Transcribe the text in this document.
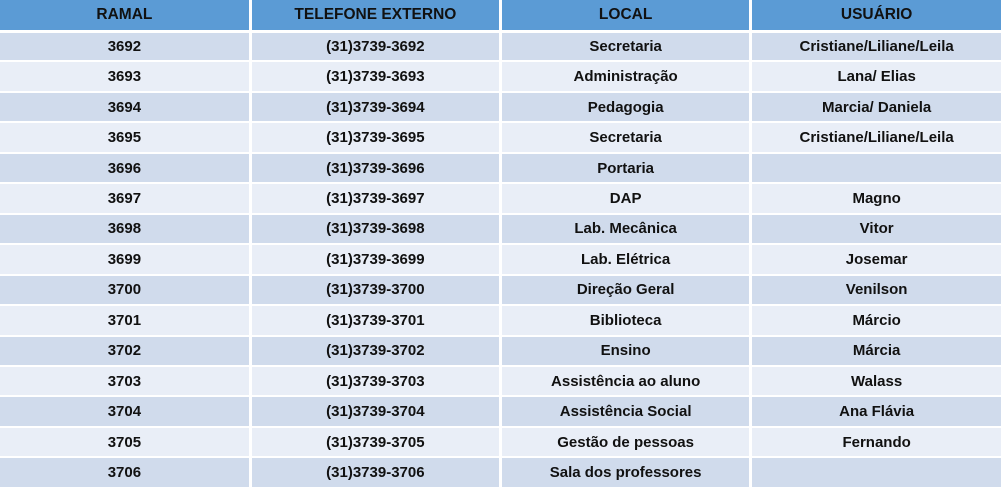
RAMAL	TELEFONE EXTERNO	LOCAL	USUÁRIO
3692	(31)3739-3692	Secretaria	Cristiane/Liliane/Leila
3693	(31)3739-3693	Administração	Lana/ Elias
3694	(31)3739-3694	Pedagogia	Marcia/ Daniela
3695	(31)3739-3695	Secretaria	Cristiane/Liliane/Leila
3696	(31)3739-3696	Portaria	
3697	(31)3739-3697	DAP	Magno
3698	(31)3739-3698	Lab. Mecânica	Vitor
3699	(31)3739-3699	Lab. Elétrica	Josemar
3700	(31)3739-3700	Direção Geral	Venilson
3701	(31)3739-3701	Biblioteca	Márcio
3702	(31)3739-3702	Ensino	Márcia
3703	(31)3739-3703	Assistência ao aluno	Walass
3704	(31)3739-3704	Assistência Social	Ana Flávia
3705	(31)3739-3705	Gestão de pessoas	Fernando
3706	(31)3739-3706	Sala dos professores	
